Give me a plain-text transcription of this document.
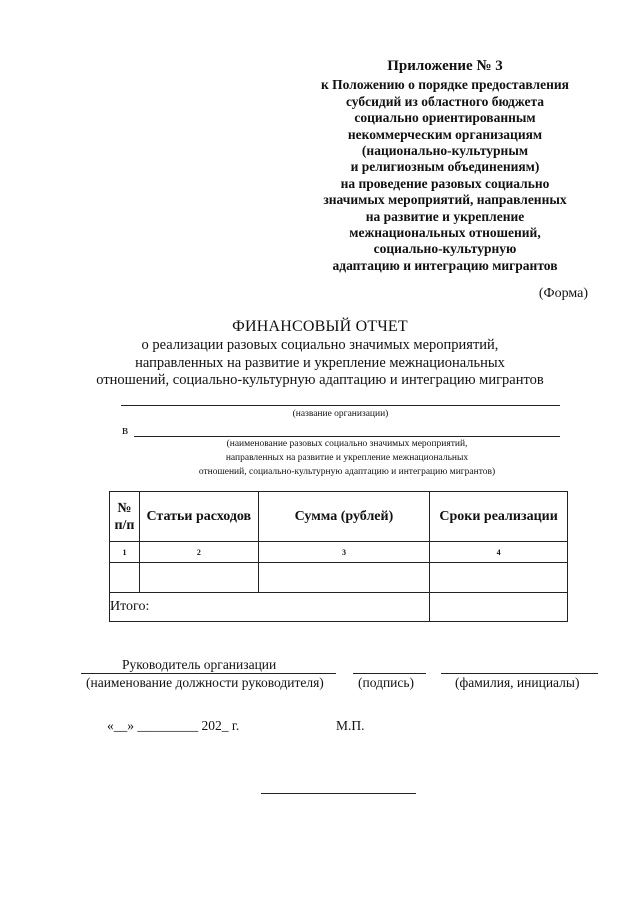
Приложение № 3
к Положению о порядке предоставления
субсидий из областного бюджета
социально ориентированным
некоммерческим организациям
(национально-культурным
и религиозным объединениям)
на проведение разовых социально
значимых мероприятий, направленных
на развитие и укрепление
межнациональных отношений,
социально-культурную
адаптацию и интеграцию мигрантов
(Форма)
ФИНАНСОВЫЙ ОТЧЕТ
о реализации разовых социально значимых мероприятий,
направленных на развитие и укрепление межнациональных
отношений, социально-культурную адаптацию и интеграцию мигрантов
(название организации)
в
(наименование разовых социально значимых мероприятий,
направленных на развитие и укрепление межнациональных
отношений, социально-культурную адаптацию и интеграцию мигрантов)
№ п/п	Статьи расходов	Сумма (рублей)	Сроки реализации
1	2	3	4

Итого:			
Руководитель организации
(наименование должности руководителя)	(подпись)	(фамилия, инициалы)
«__» _________ 202_ г.	М.П.
